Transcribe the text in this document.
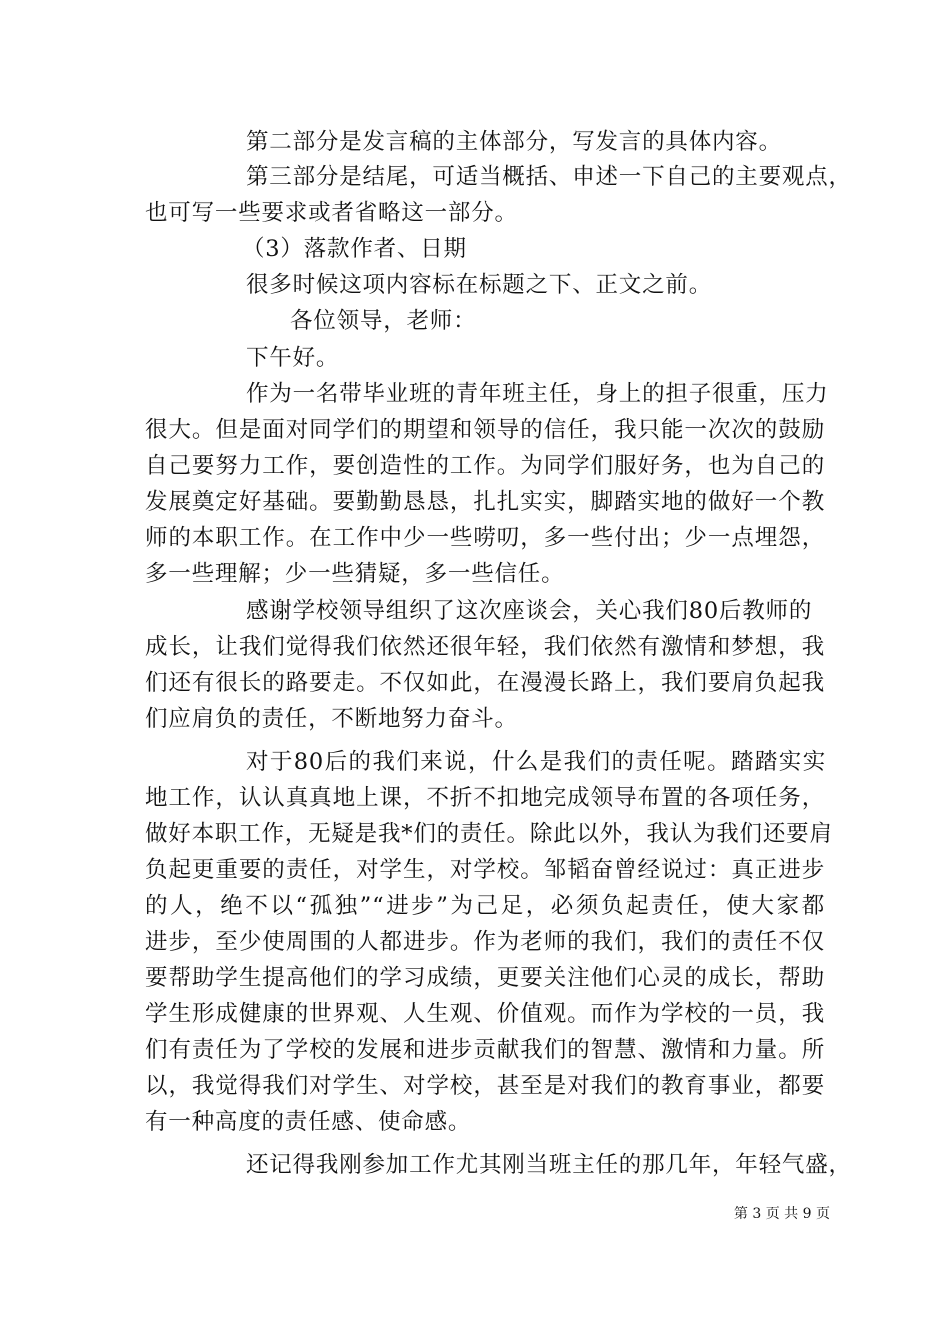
第二部分是发言稿的主体部分，写发言的具体内容。
第三部分是结尾，可适当概括、申述一下自己的主要观点，
也可写一些要求或者省略这一部分。
（3）落款作者、日期
很多时候这项内容标在标题之下、正文之前。
各位领导，老师：
下午好。
作为一名带毕业班的青年班主任，身上的担子很重，压力
很大。但是面对同学们的期望和领导的信任，我只能一次次的鼓励
自己要努力工作，要创造性的工作。为同学们服好务，也为自己的
发展奠定好基础。要勤勤恳恳，扎扎实实，脚踏实地的做好一个教
师的本职工作。在工作中少一些唠叨，多一些付出；少一点埋怨，
多一些理解；少一些猜疑，多一些信任。
感谢学校领导组织了这次座谈会，关心我们80后教师的
成长，让我们觉得我们依然还很年轻，我们依然有激情和梦想，我
们还有很长的路要走。不仅如此，在漫漫长路上，我们要肩负起我
们应肩负的责任，不断地努力奋斗。
对于80后的我们来说，什么是我们的责任呢。踏踏实实
地工作，认认真真地上课，不折不扣地完成领导布置的各项任务，
做好本职工作，无疑是我*们的责任。除此以外，我认为我们还要肩
负起更重要的责任，对学生，对学校。邹韬奋曾经说过：真正进步
的人，绝不以“孤独”“进步”为己足，必须负起责任，使大家都
进步，至少使周围的人都进步。作为老师的我们，我们的责任不仅
要帮助学生提高他们的学习成绩，更要关注他们心灵的成长，帮助
学生形成健康的世界观、人生观、价值观。而作为学校的一员，我
们有责任为了学校的发展和进步贡献我们的智慧、激情和力量。所
以，我觉得我们对学生、对学校，甚至是对我们的教育事业，都要
有一种高度的责任感、使命感。
还记得我刚参加工作尤其刚当班主任的那几年，年轻气盛，
第 3 页 共 9 页
